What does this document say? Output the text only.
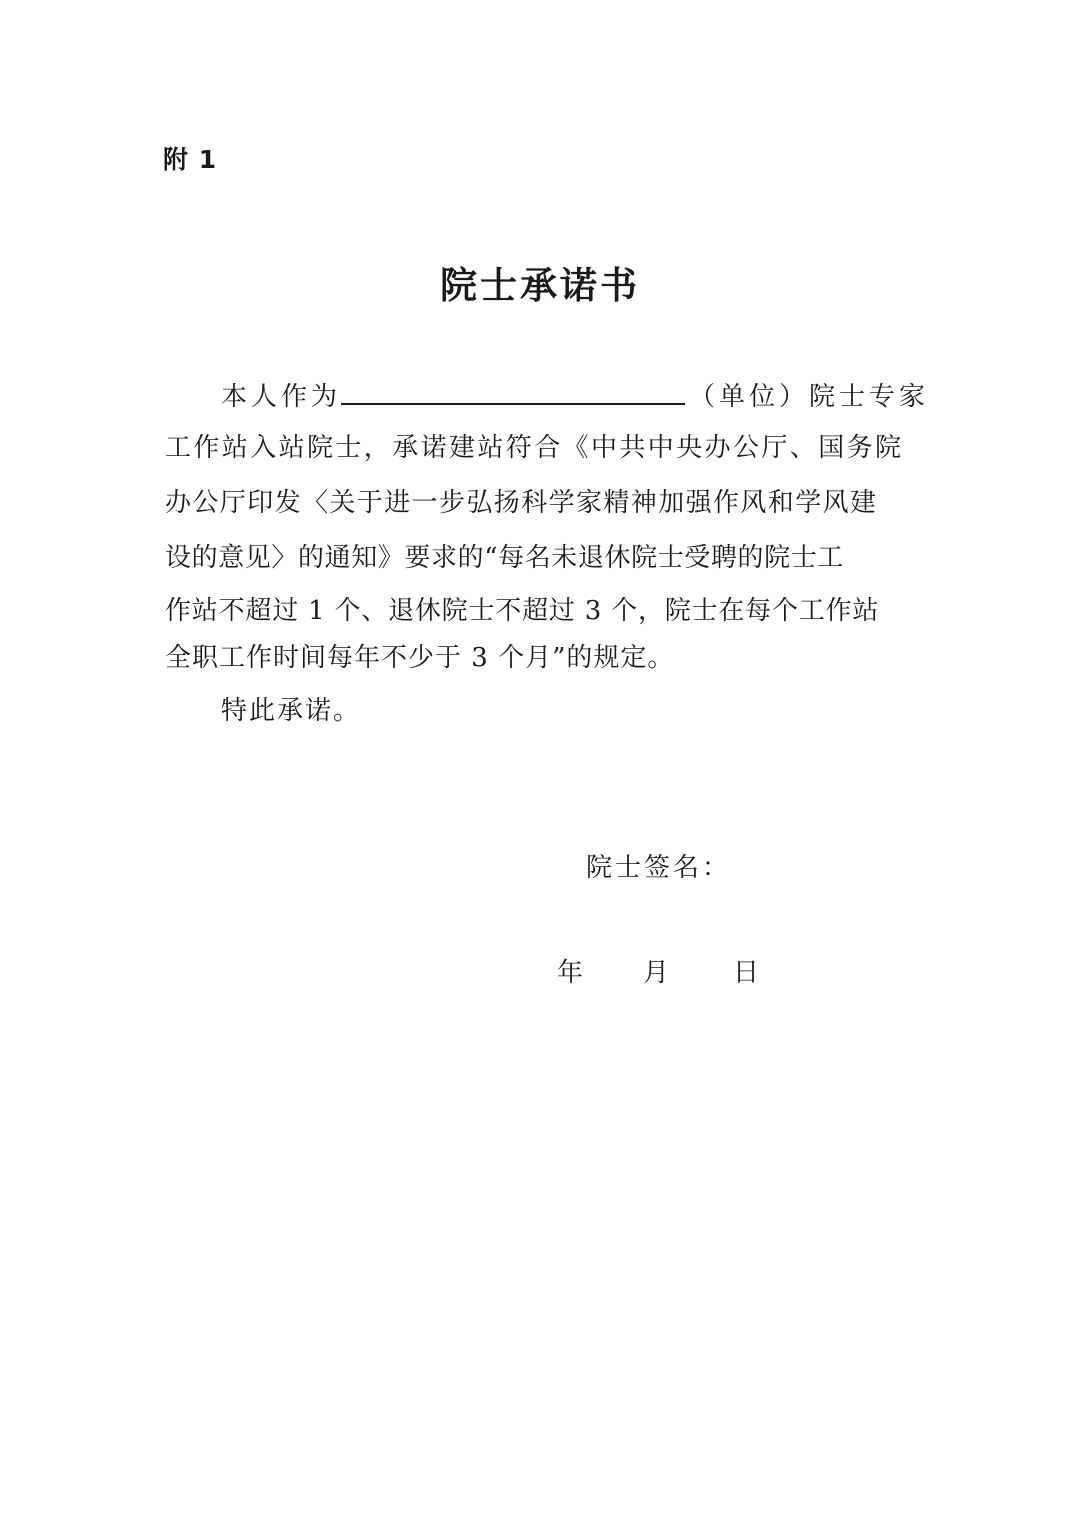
附 1
院士承诺书
本人作为	（单位）院士专家
工作站入站院士，承诺建站符合《中共中央办公厅、国务院
办公厅印发〈关于进一步弘扬科学家精神加强作风和学风建
设的意见〉的通知》要求的“每名未退休院士受聘的院士工
作站不超过 1 个、退休院士不超过 3 个，院士在每个工作站
全职工作时间每年不少于 3 个月”的规定。
特此承诺。
院士签名：
年 月 日
